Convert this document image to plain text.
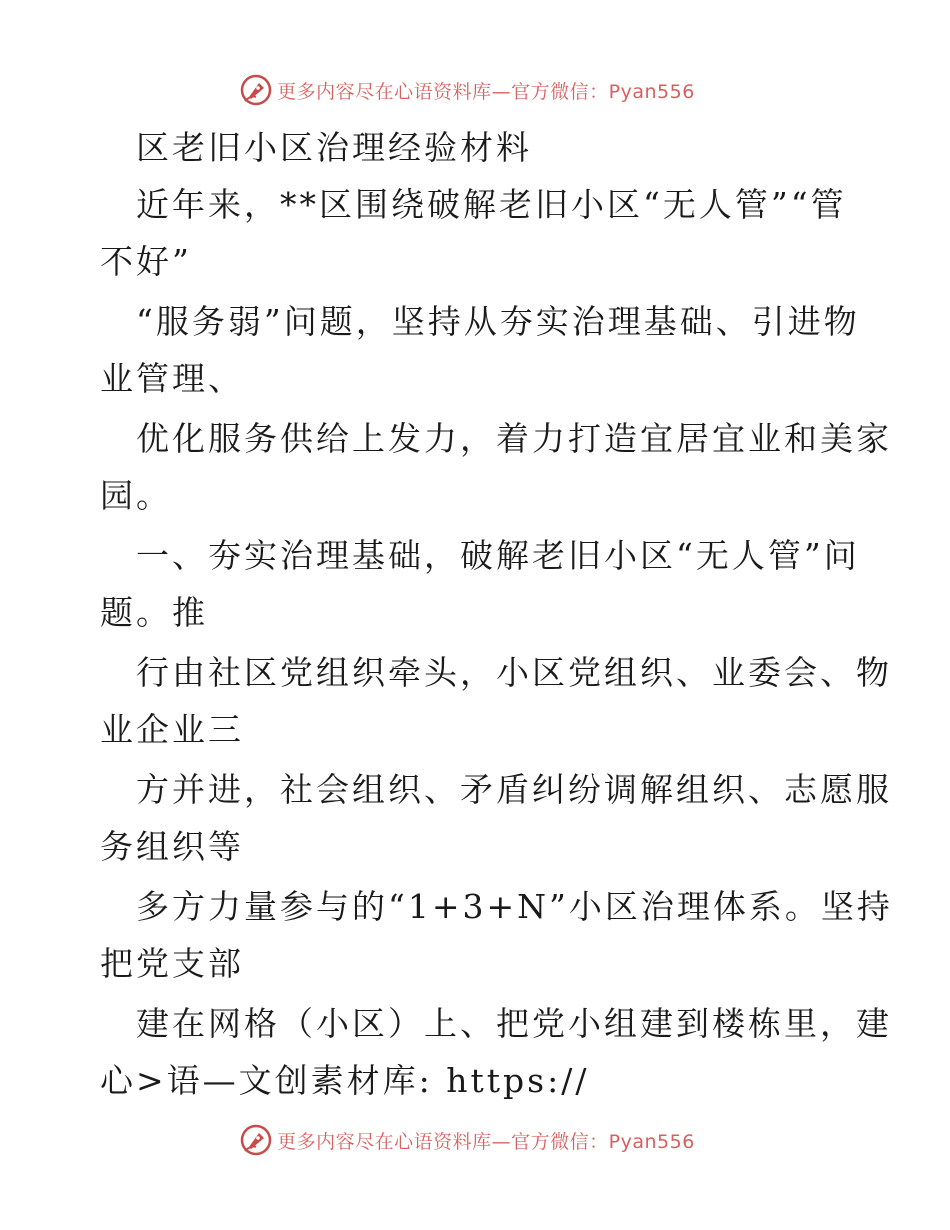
更多内容尽在心语资料库—官方微信：Pyan556
区老旧小区治理经验材料
近年来，**区围绕破解老旧小区“无人管”“管
不好”
“服务弱”问题，坚持从夯实治理基础、引进物
业管理、
优化服务供给上发力，着力打造宜居宜业和美家
园。
一、夯实治理基础，破解老旧小区“无人管”问
题。推
行由社区党组织牵头，小区党组织、业委会、物
业企业三
方并进，社会组织、矛盾纠纷调解组织、志愿服
务组织等
多方力量参与的“1+3+N”小区治理体系。坚持
把党支部
建在网格（小区）上、把党小组建到楼栋里，建
心>语—文创素材库: https://
更多内容尽在心语资料库—官方微信：Pyan556
